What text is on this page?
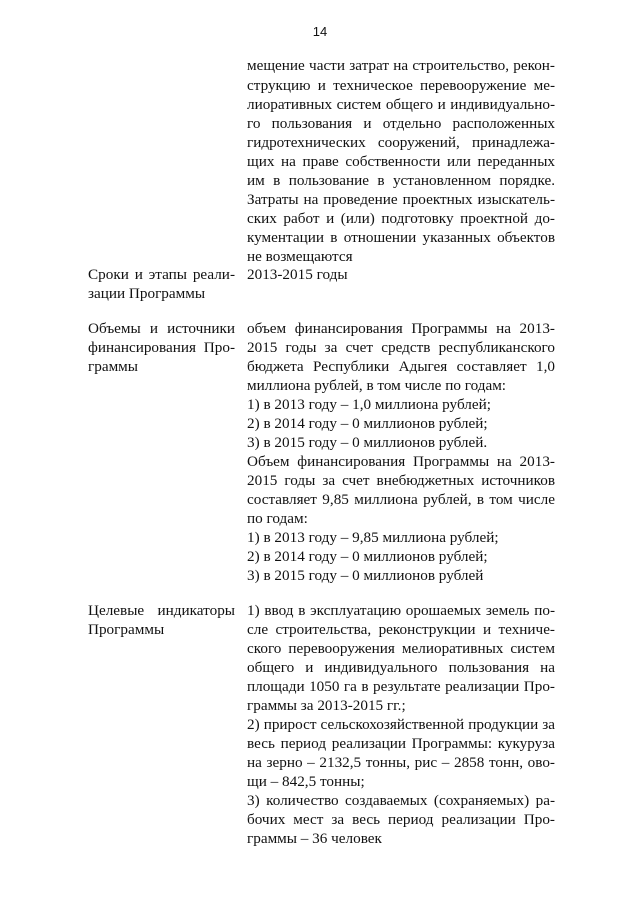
14
мещение части затрат на строительство, рекон-
струкцию и техническое перевооружение ме-
лиоративных систем общего и индивидуально-
го пользования и отдельно расположенных
гидротехнических сооружений, принадлежа-
щих на праве собственности или переданных
им в пользование в установленном порядке.
Затраты на проведение проектных изыскатель-
ских работ и (или) подготовку проектной до-
кументации в отношении указанных объектов
не возмещаются
Сроки и этапы реали-
зации Программы
2013-2015 годы
Объемы и источники
финансирования Про-
граммы
объем финансирования Программы на 2013-
2015 годы за счет средств республиканского
бюджета Республики Адыгея составляет 1,0
миллиона рублей, в том числе по годам:
1) в 2013 году – 1,0 миллиона рублей;
2) в 2014 году – 0 миллионов рублей;
3) в 2015 году – 0 миллионов рублей.
Объем финансирования Программы на 2013-
2015 годы за счет внебюджетных источников
составляет 9,85 миллиона рублей, в том числе
по годам:
1) в 2013 году – 9,85 миллиона рублей;
2) в 2014 году – 0 миллионов рублей;
3) в 2015 году – 0 миллионов рублей
Целевые индикаторы
Программы
1) ввод в эксплуатацию орошаемых земель по-
сле строительства, реконструкции и техниче-
ского перевооружения мелиоративных систем
общего и индивидуального пользования на
площади 1050 га в результате реализации Про-
граммы за 2013-2015 гг.;
2) прирост сельскохозяйственной продукции за
весь период реализации Программы: кукуруза
на зерно – 2132,5 тонны, рис – 2858 тонн, ово-
щи – 842,5 тонны;
3) количество создаваемых (сохраняемых) ра-
бочих мест за весь период реализации Про-
граммы – 36 человек
